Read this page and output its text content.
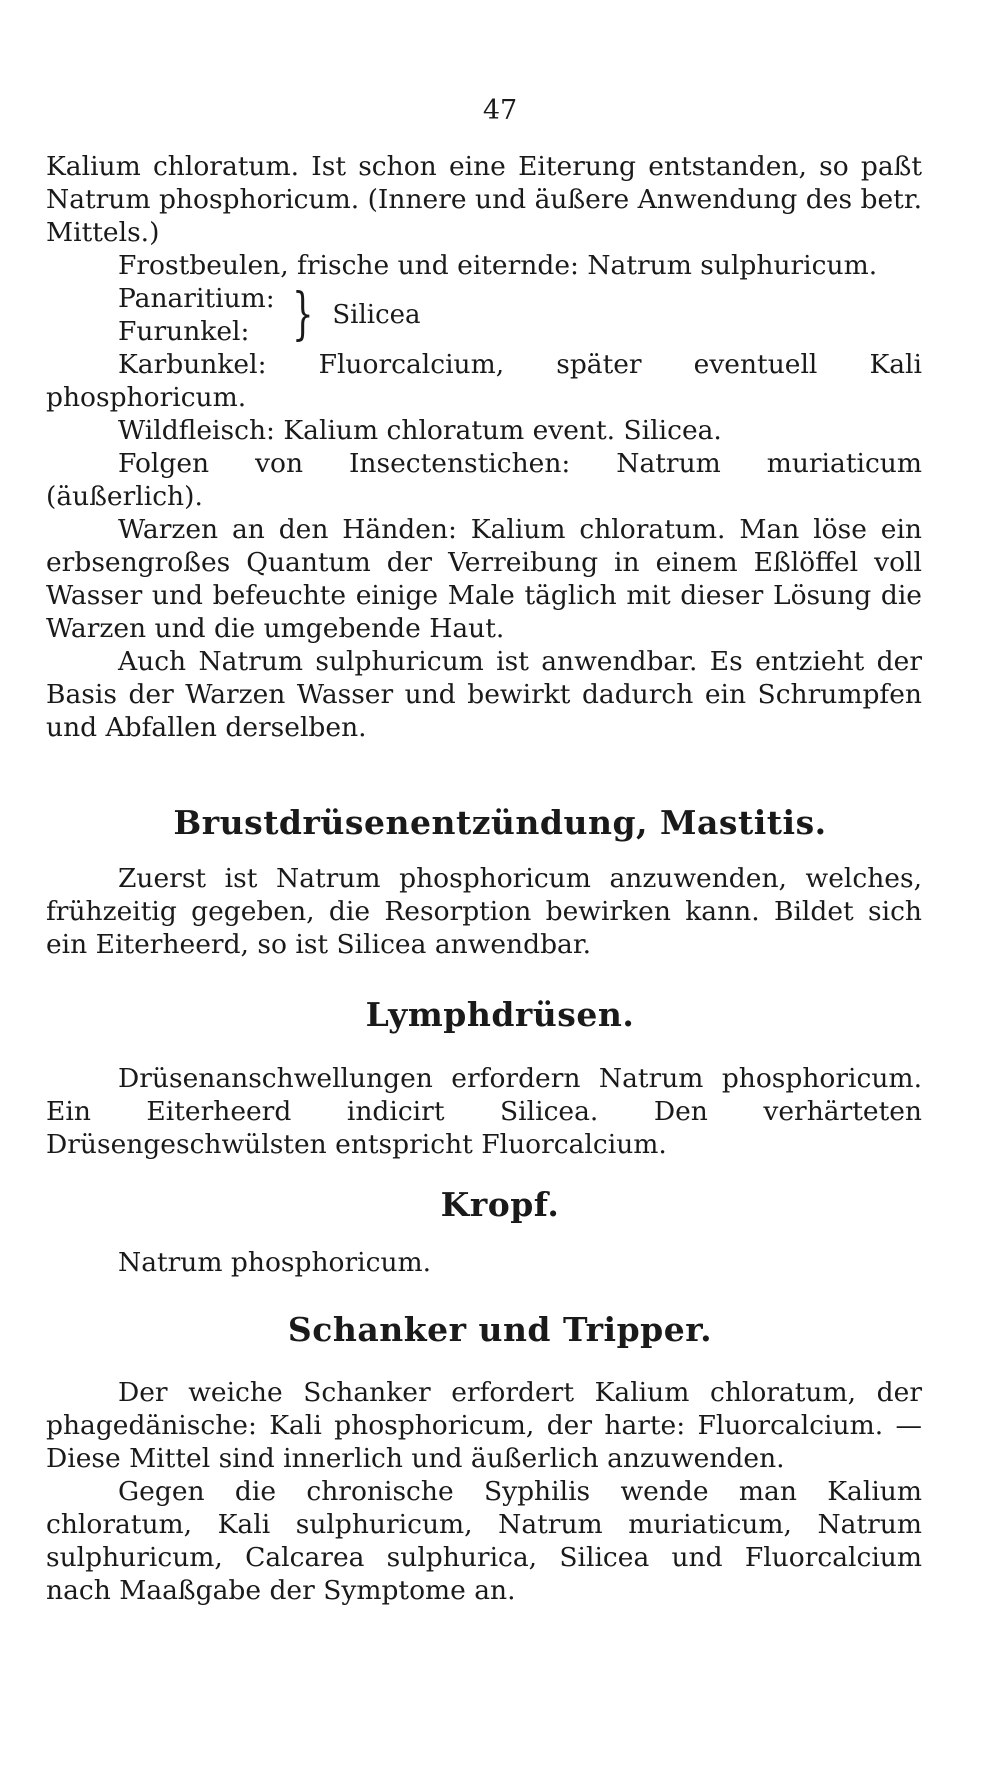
47

Kalium chloratum. Ist schon eine Eiterung entstanden, so paßt Natrum phosphoricum. (Innere und äußere Anwendung des betr. Mittels.)

Frostbeulen, frische und eiternde: Natrum sulphuricum.

Panaritium:
Furunkel: } Silicea

Karbunkel: Fluorcalcium, später eventuell Kali phosphoricum.

Wildfleisch: Kalium chloratum event. Silicea.

Folgen von Insectenstichen: Natrum muriaticum (äußerlich).

Warzen an den Händen: Kalium chloratum. Man löse ein erbsengroßes Quantum der Verreibung in einem Eßlöffel voll Wasser und befeuchte einige Male täglich mit dieser Lösung die Warzen und die umgebende Haut.

Auch Natrum sulphuricum ist anwendbar. Es entzieht der Basis der Warzen Wasser und bewirkt dadurch ein Schrumpfen und Abfallen derselben.

Brustdrüsenentzündung, Mastitis.

Zuerst ist Natrum phosphoricum anzuwenden, welches, frühzeitig gegeben, die Resorption bewirken kann. Bildet sich ein Eiterheerd, so ist Silicea anwendbar.

Lymphdrüsen.

Drüsenanschwellungen erfordern Natrum phosphoricum. Ein Eiterheerd indicirt Silicea. Den verhärteten Drüsengeschwülsten entspricht Fluorcalcium.

Kropf.

Natrum phosphoricum.

Schanker und Tripper.

Der weiche Schanker erfordert Kalium chloratum, der phagedänische: Kali phosphoricum, der harte: Fluorcalcium. — Diese Mittel sind innerlich und äußerlich anzuwenden.

Gegen die chronische Syphilis wende man Kalium chloratum, Kali sulphuricum, Natrum muriaticum, Natrum sulphuricum, Calcarea sulphurica, Silicea und Fluorcalcium nach Maaßgabe der Symptome an.
